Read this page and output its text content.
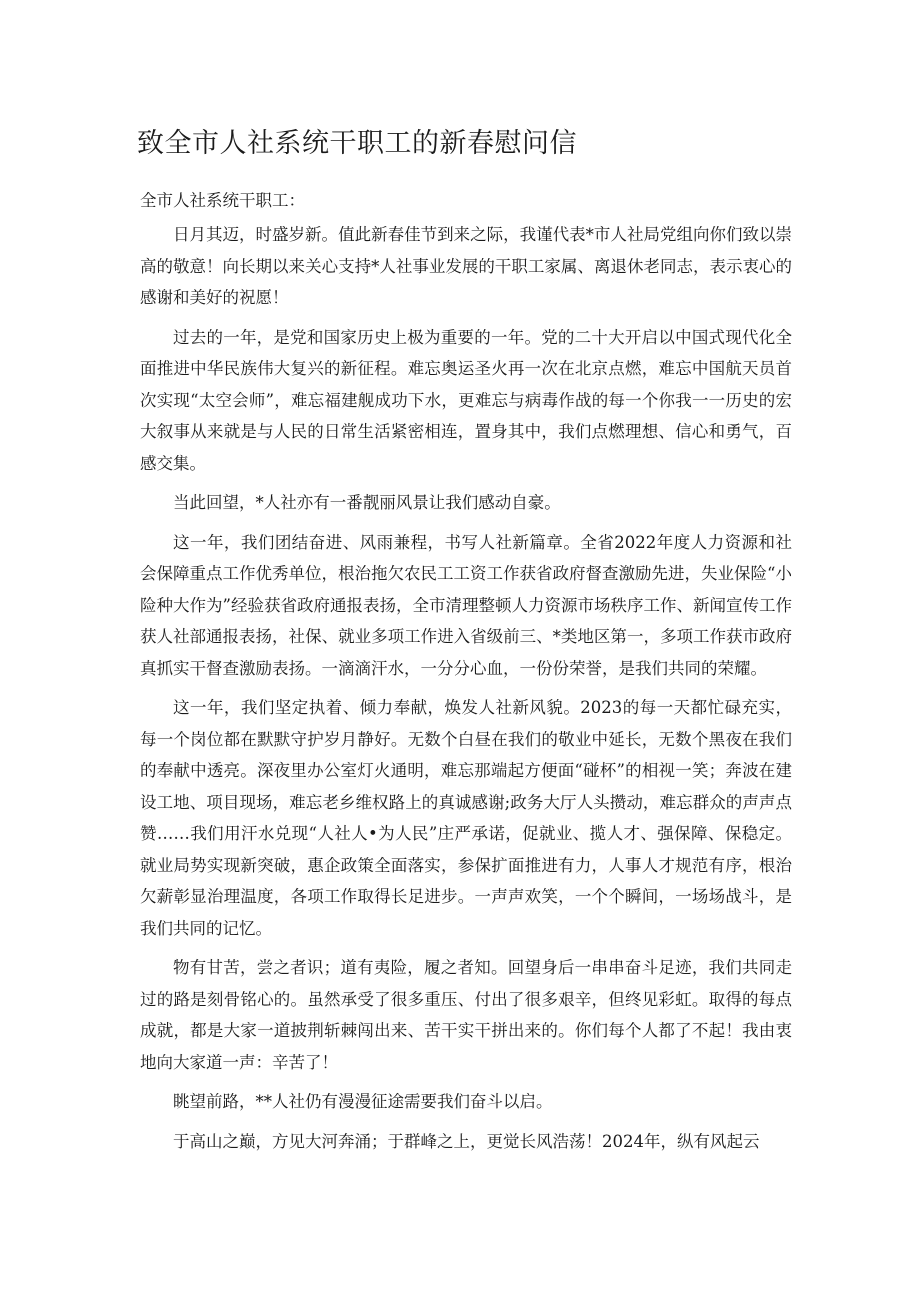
致全市人社系统干职工的新春慰问信

全市人社系统干职工：

日月其迈，时盛岁新。值此新春佳节到来之际，我谨代表*市人社局党组向你们致以崇高的敬意！向长期以来关心支持*人社事业发展的干职工家属、离退休老同志，表示衷心的感谢和美好的祝愿！

过去的一年，是党和国家历史上极为重要的一年。党的二十大开启以中国式现代化全面推进中华民族伟大复兴的新征程。难忘奥运圣火再一次在北京点燃，难忘中国航天员首次实现“太空会师”，难忘福建舰成功下水，更难忘与病毒作战的每一个你我一一历史的宏大叙事从来就是与人民的日常生活紧密相连，置身其中，我们点燃理想、信心和勇气，百感交集。

当此回望，*人社亦有一番靓丽风景让我们感动自豪。

这一年，我们团结奋进、风雨兼程，书写人社新篇章。全省2022年度人力资源和社会保障重点工作优秀单位，根治拖欠农民工工资工作获省政府督查激励先进，失业保险“小险种大作为”经验获省政府通报表扬，全市清理整顿人力资源市场秩序工作、新闻宣传工作获人社部通报表扬，社保、就业多项工作进入省级前三、*类地区第一，多项工作获市政府真抓实干督查激励表扬。一滴滴汗水，一分分心血，一份份荣誉，是我们共同的荣耀。

这一年，我们坚定执着、倾力奉献，焕发人社新风貌。2023的每一天都忙碌充实，每一个岗位都在默默守护岁月静好。无数个白昼在我们的敬业中延长，无数个黑夜在我们的奉献中透亮。深夜里办公室灯火通明，难忘那端起方便面“碰杯”的相视一笑；奔波在建设工地、项目现场，难忘老乡维权路上的真诚感谢;政务大厅人头攒动，难忘群众的声声点赞……我们用汗水兑现“人社人•为人民”庄严承诺，促就业、揽人才、强保障、保稳定。就业局势实现新突破，惠企政策全面落实，参保扩面推进有力，人事人才规范有序，根治欠薪彰显治理温度，各项工作取得长足进步。一声声欢笑，一个个瞬间，一场场战斗，是我们共同的记忆。

物有甘苦，尝之者识；道有夷险，履之者知。回望身后一串串奋斗足迹，我们共同走过的路是刻骨铭心的。虽然承受了很多重压、付出了很多艰辛，但终见彩虹。取得的每点成就，都是大家一道披荆斩棘闯出来、苦干实干拼出来的。你们每个人都了不起！我由衷地向大家道一声：辛苦了！

眺望前路，**人社仍有漫漫征途需要我们奋斗以启。

于高山之巅，方见大河奔涌；于群峰之上，更觉长风浩荡！2024年，纵有风起云
